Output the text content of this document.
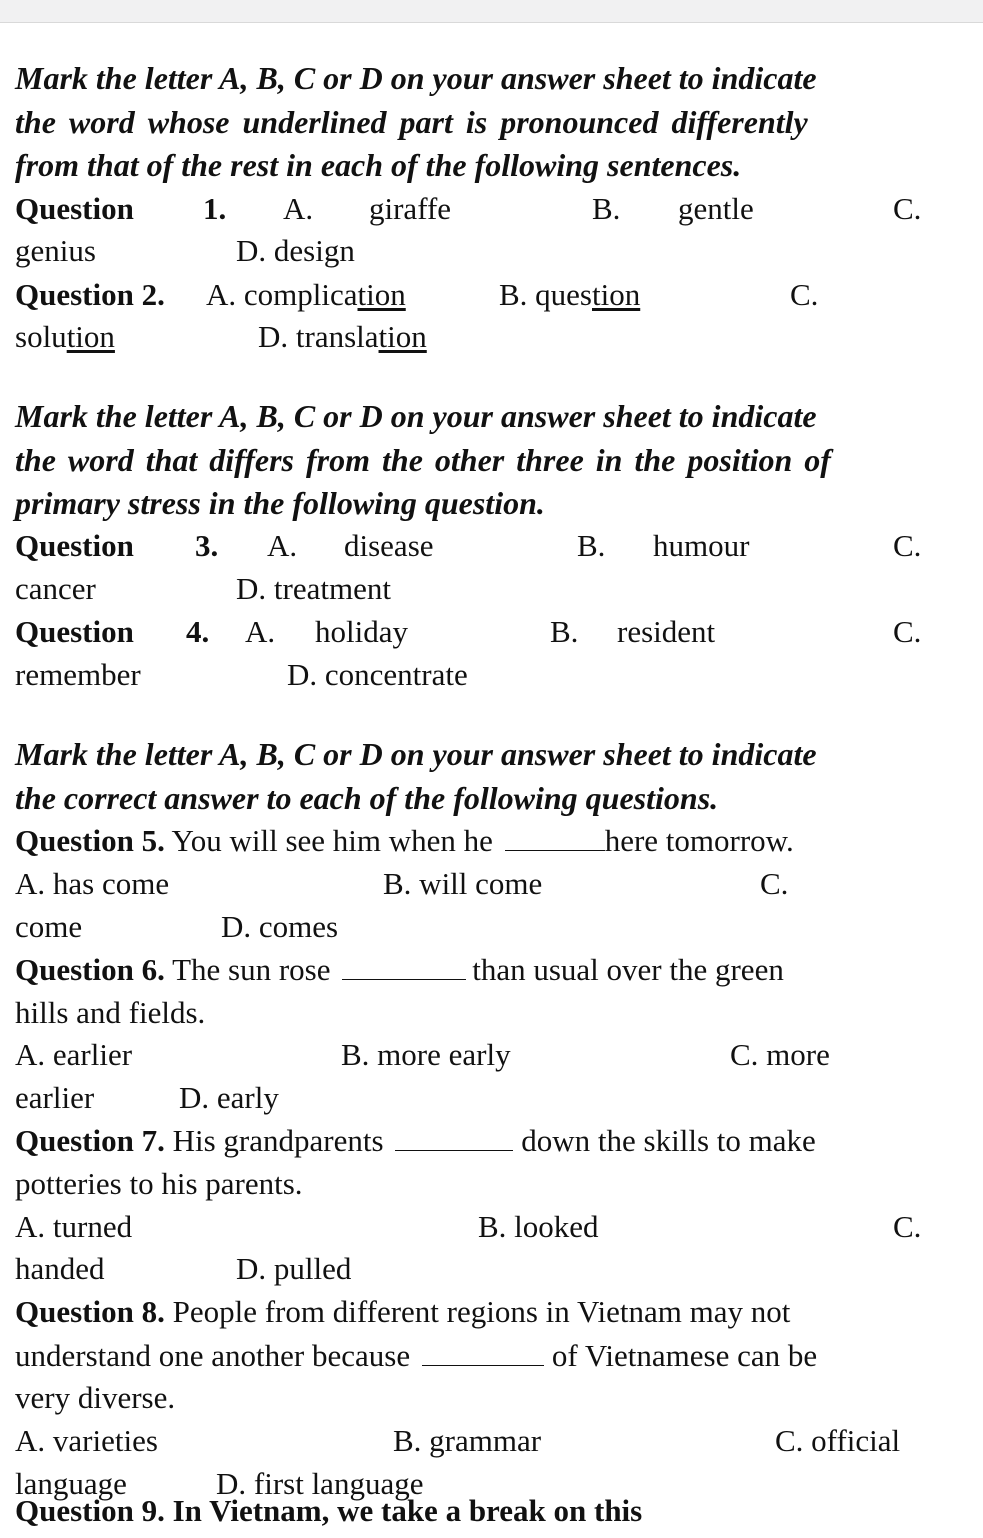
Mark the letter A, B, C or D on your answer sheet to indicate
the word whose underlined part is pronounced differently
from that of the rest in each of the following sentences.
Question 1. A. giraffe	B. gentle	C.
genius	D. design
Question 2. A. complication	B. question	C.
solution	D. translation
Mark the letter A, B, C or D on your answer sheet to indicate
the word that differs from the other three in the position of
primary stress in the following question.
Question 3. A. disease	B. humour	C.
cancer	D. treatment
Question 4. A. holiday	B. resident	C.
remember	D. concentrate
Mark the letter A, B, C or D on your answer sheet to indicate
the correct answer to each of the following questions.
Question 5. You will see him when he	here tomorrow.
A. has come	B. will come	C.
come	D. comes
Question 6. The sun rose	than usual over the green
hills and fields.
A. earlier	B. more early	C. more
earlier	D. early
Question 7. His grandparents	down the skills to make
potteries to his parents.
A. turned	B. looked	C.
handed	D. pulled
Question 8. People from different regions in Vietnam may not
understand one another because	of Vietnamese can be
very diverse.
A. varieties	B. grammar	C. official
language	D. first language
Question 9. In Vietnam, we take a break on this
